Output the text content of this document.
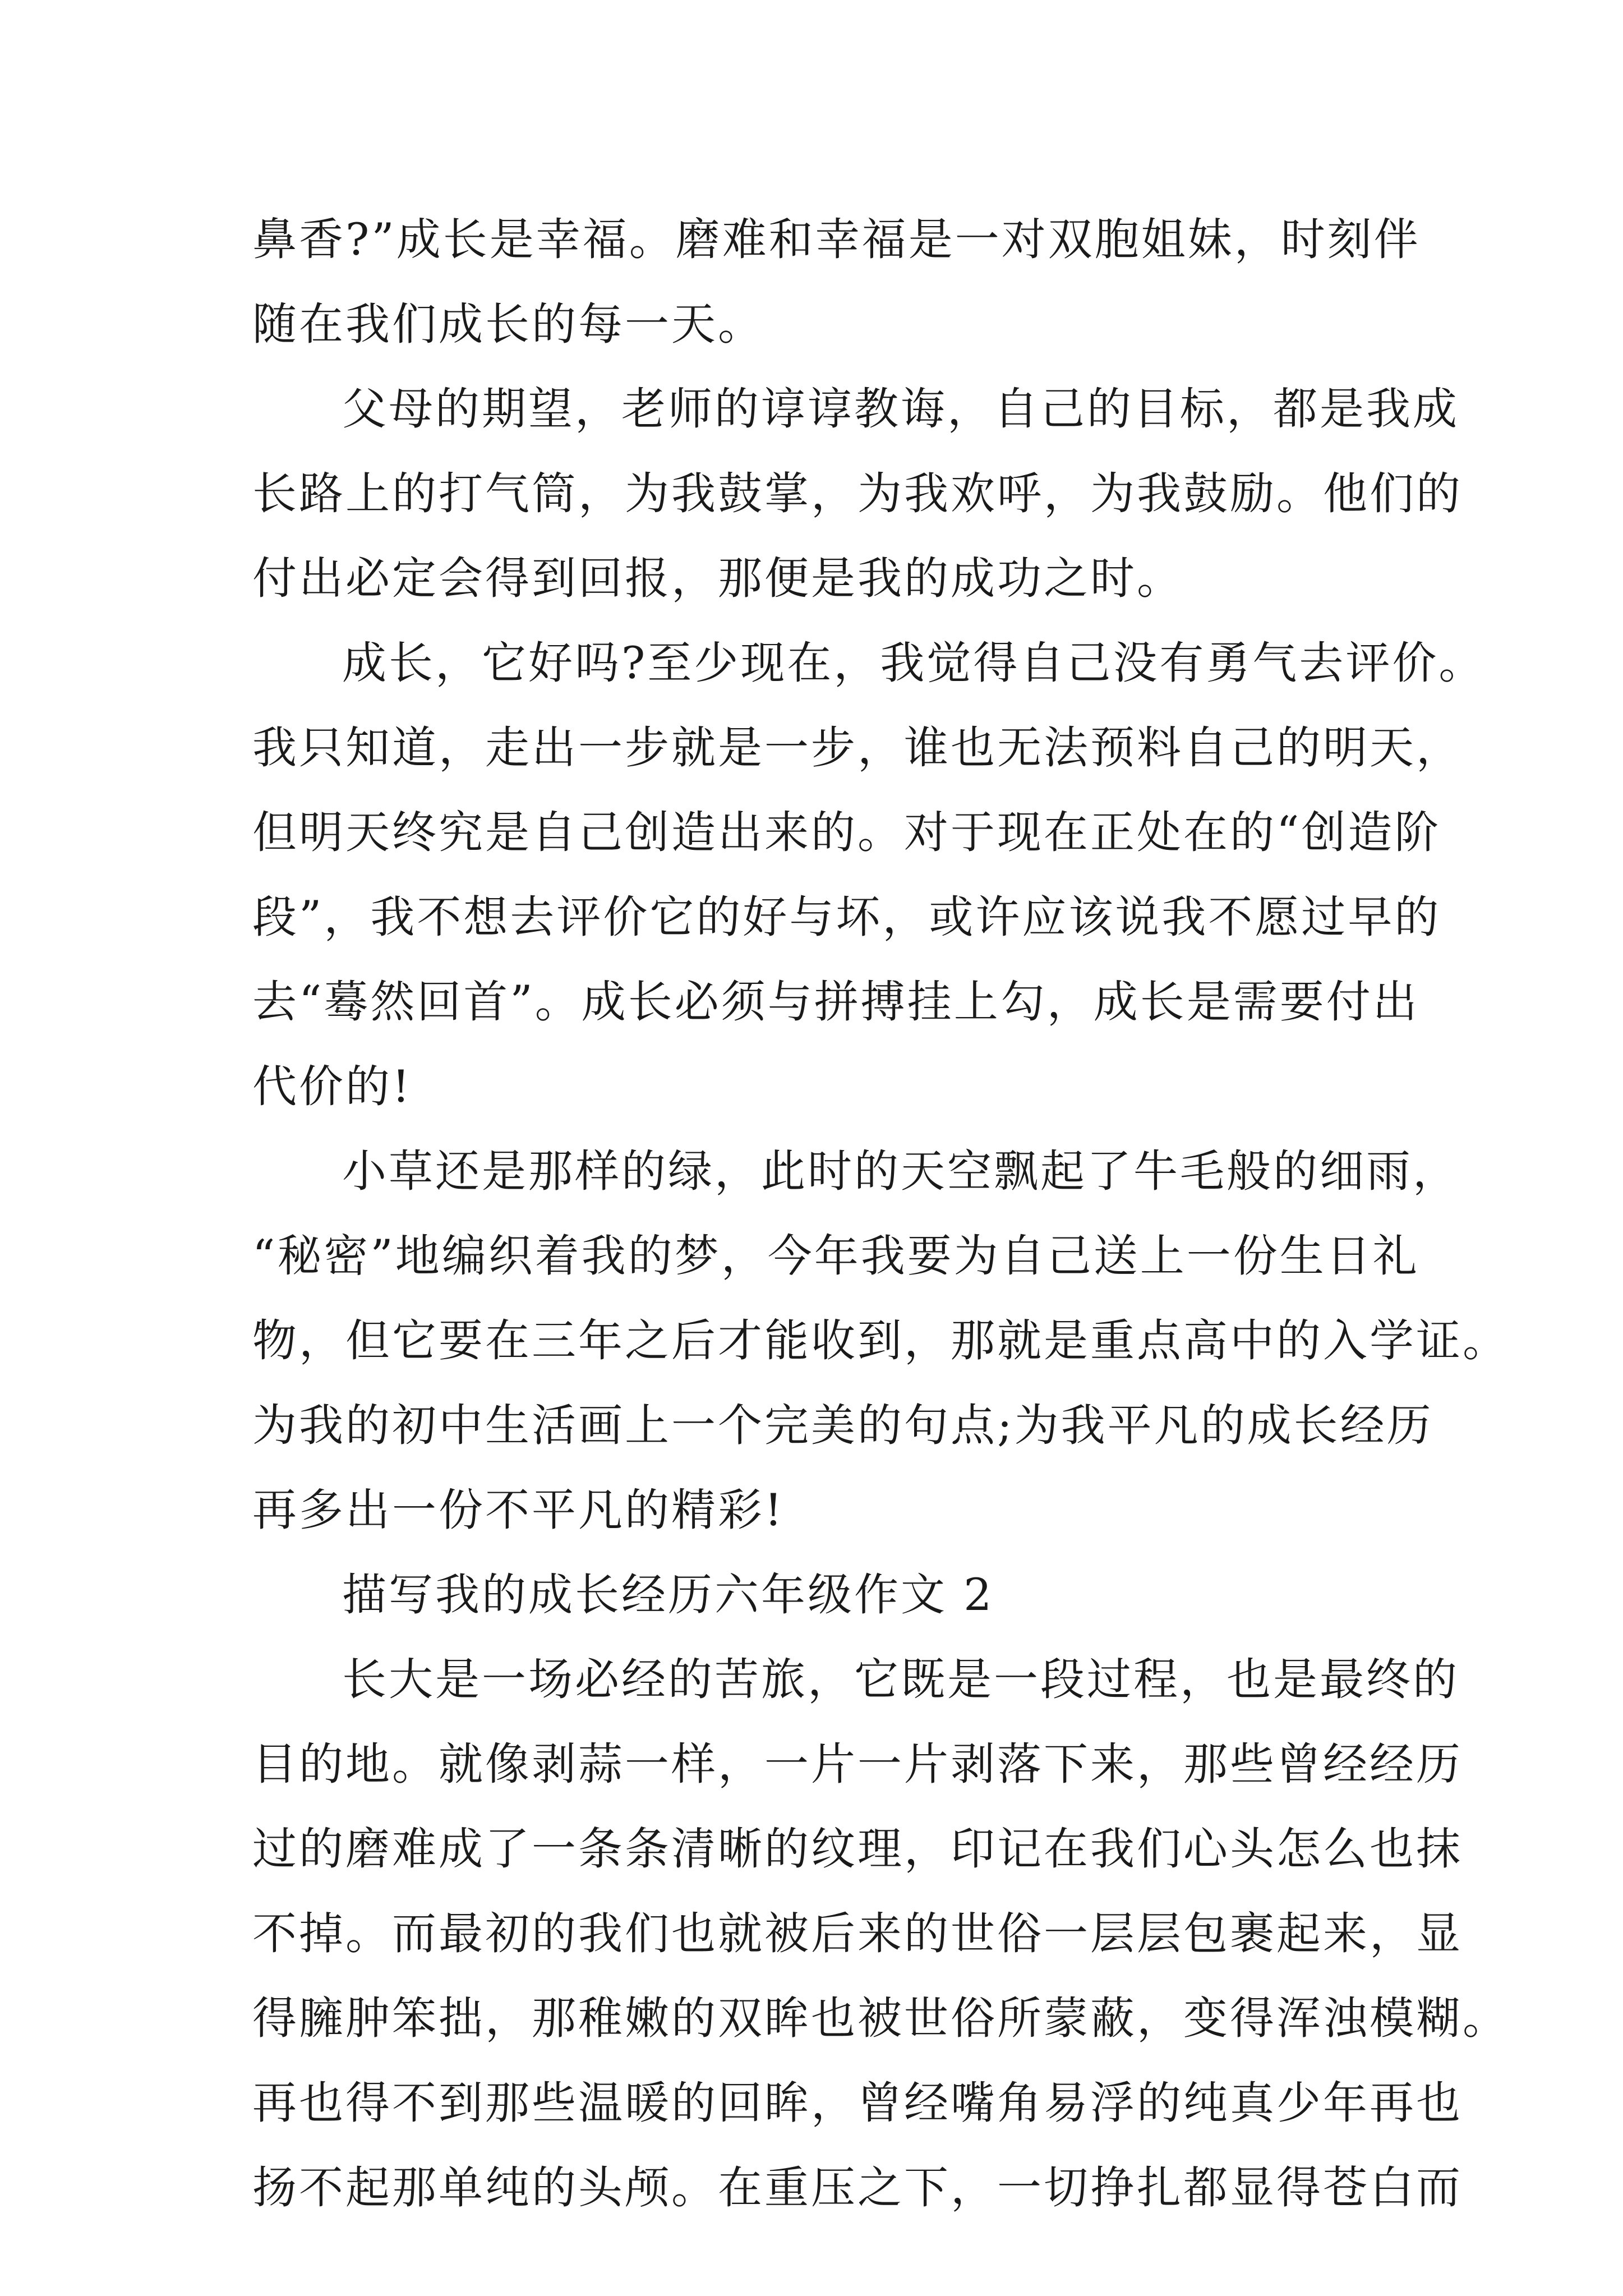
鼻香?”成长是幸福。磨难和幸福是一对双胞姐妹，时刻伴
随在我们成长的每一天。
父母的期望，老师的谆谆教诲，自己的目标，都是我成
长路上的打气筒，为我鼓掌，为我欢呼，为我鼓励。他们的
付出必定会得到回报，那便是我的成功之时。
成长，它好吗?至少现在，我觉得自己没有勇气去评价。
我只知道，走出一步就是一步，谁也无法预料自己的明天，
但明天终究是自己创造出来的。对于现在正处在的“创造阶
段”，我不想去评价它的好与坏，或许应该说我不愿过早的
去“蓦然回首”。成长必须与拼搏挂上勾，成长是需要付出
代价的!
小草还是那样的绿，此时的天空飘起了牛毛般的细雨，
“秘密”地编织着我的梦，今年我要为自己送上一份生日礼
物，但它要在三年之后才能收到，那就是重点高中的入学证。
为我的初中生活画上一个完美的句点;为我平凡的成长经历
再多出一份不平凡的精彩!
描写我的成长经历六年级作文 2
长大是一场必经的苦旅，它既是一段过程，也是最终的
目的地。就像剥蒜一样，一片一片剥落下来，那些曾经经历
过的磨难成了一条条清晰的纹理，印记在我们心头怎么也抹
不掉。而最初的我们也就被后来的世俗一层层包裹起来，显
得臃肿笨拙，那稚嫩的双眸也被世俗所蒙蔽，变得浑浊模糊。
再也得不到那些温暖的回眸，曾经嘴角易浮的纯真少年再也
扬不起那单纯的头颅。在重压之下，一切挣扎都显得苍白而
